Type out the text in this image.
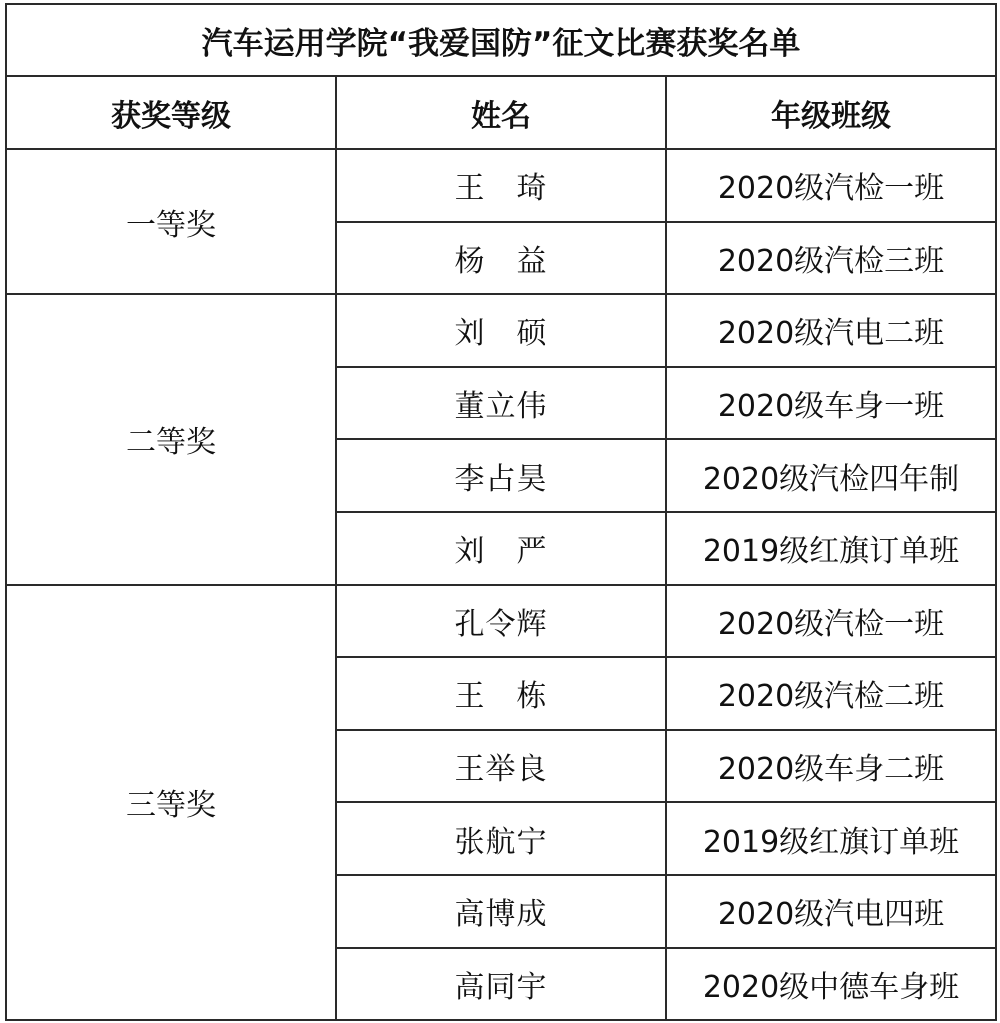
汽车运用学院“我爱国防”征文比赛获奖名单		
获奖等级	姓名	年级班级
一等奖	王　琦	2020级汽检一班
	杨　益	2020级汽检三班
二等奖	刘　硕	2020级汽电二班
	董立伟	2020级车身一班
	李占昊	2020级汽检四年制
	刘　严	2019级红旗订单班
三等奖	孔令辉	2020级汽检一班
	王　栋	2020级汽检二班
	王举良	2020级车身二班
	张航宁	2019级红旗订单班
	高博成	2020级汽电四班
	高同宇	2020级中德车身班
